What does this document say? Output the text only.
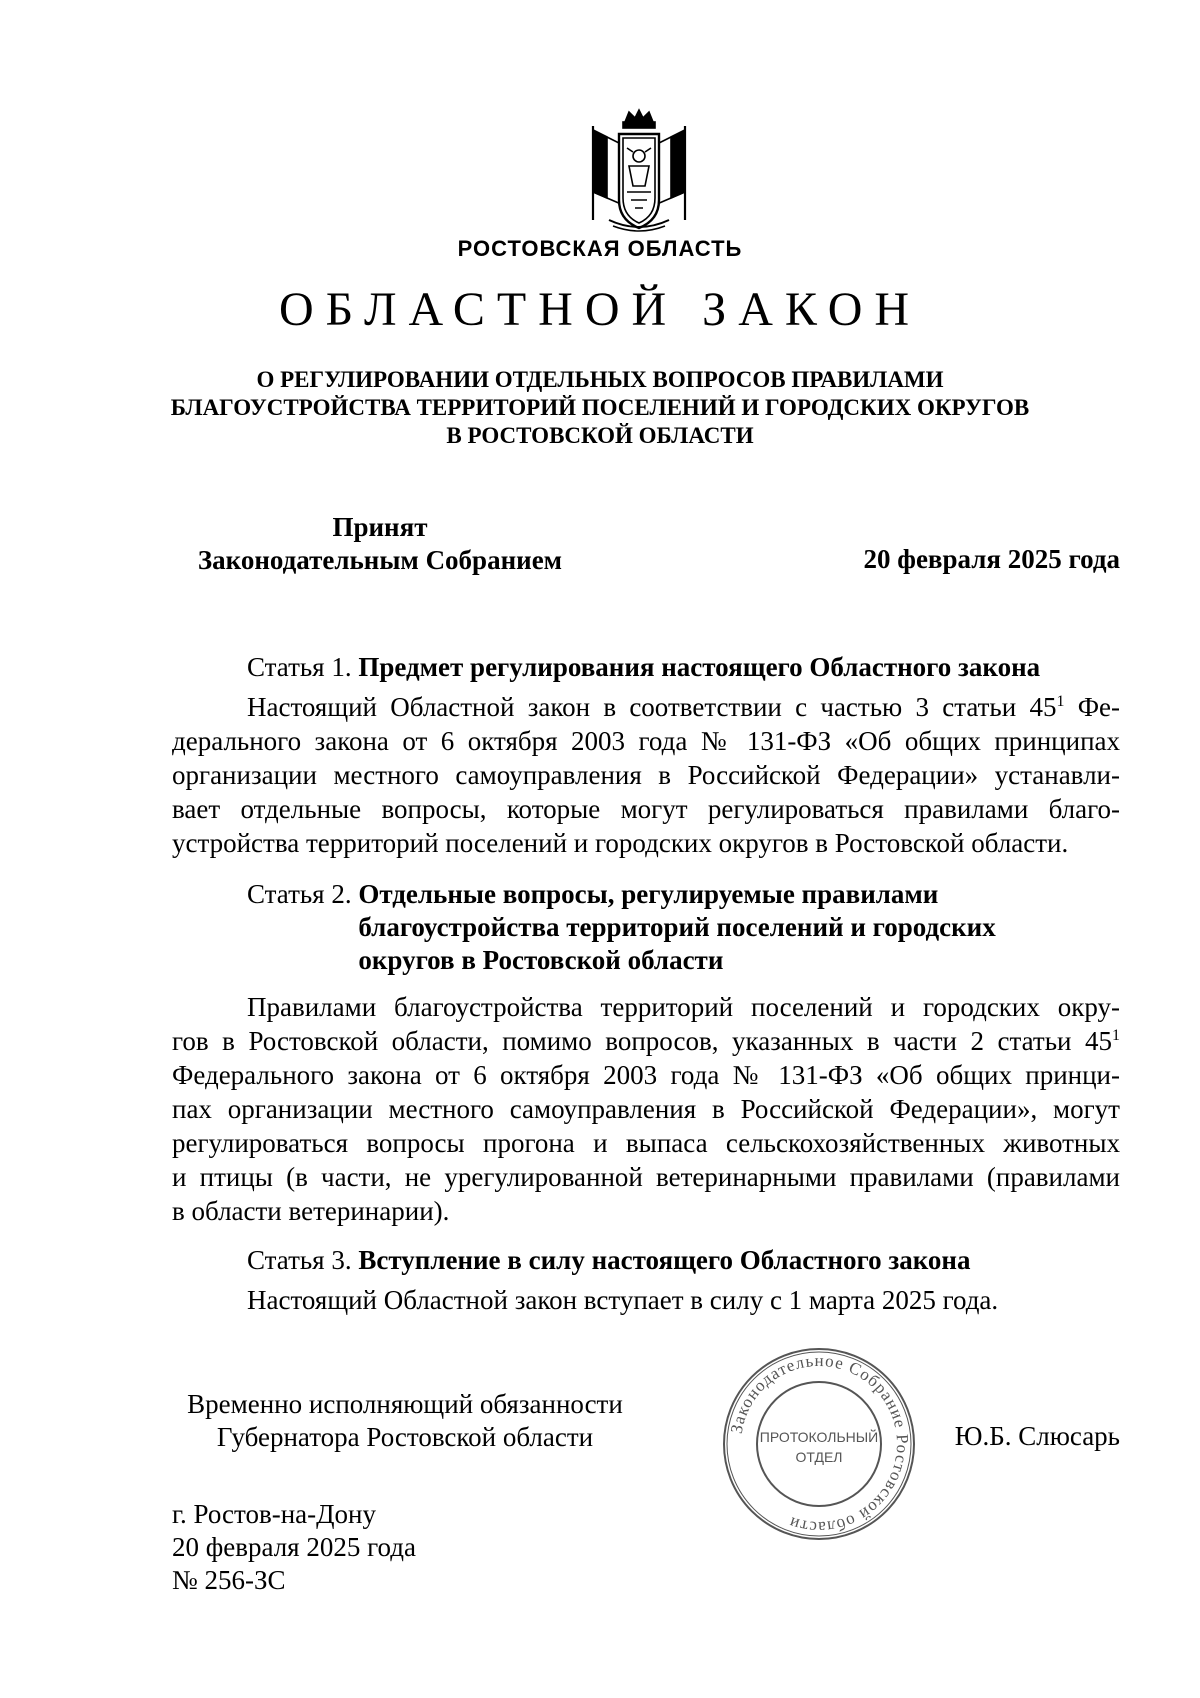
РОСТОВСКАЯ ОБЛАСТЬ
ОБЛАСТНОЙ ЗАКОН
О РЕГУЛИРОВАНИИ ОТДЕЛЬНЫХ ВОПРОСОВ ПРАВИЛАМИ
БЛАГОУСТРОЙСТВА ТЕРРИТОРИЙ ПОСЕЛЕНИЙ И ГОРОДСКИХ ОКРУГОВ
В РОСТОВСКОЙ ОБЛАСТИ
Принят
Законодательным Собранием	20 февраля 2025 года
Статья 1.
Предмет регулирования настоящего Областного закона
Настоящий Областной закон в соответствии с частью 3 статьи $45^1$ Фе-
дерального закона от 6 октября 2003 года № 131-ФЗ «Об общих принципах
организации местного самоуправления в Российской Федерации» устанавли-
вает отдельные вопросы, которые могут регулироваться правилами благо-
устройства территорий поселений и городских округов в Ростовской области.
Статья 2.
Отдельные вопросы, регулируемые правилами
благоустройства территорий поселений и городских
округов в Ростовской области
Правилами благоустройства территорий поселений и городских окру-
гов в Ростовской области, помимо вопросов, указанных в части 2 статьи $45^1$
Федерального закона от 6 октября 2003 года № 131-ФЗ «Об общих принци-
пах организации местного самоуправления в Российской Федерации», могут
регулироваться вопросы прогона и выпаса сельскохозяйственных животных
и птицы (в части, не урегулированной ветеринарными правилами (правилами
в области ветеринарии).
Статья 3.
Вступление в силу настоящего Областного закона
Настоящий Областной закон вступает в силу с 1 марта 2025 года.
Временно исполняющий обязанности
Губернатора Ростовской области	Ю.Б. Слюсарь
г. Ростов-на-Дону
20 февраля 2025 года
№ 256-ЗС
Законодательное Собрание Ростовской области
ПРОТОКОЛЬНЫЙ
ОТДЕЛ
